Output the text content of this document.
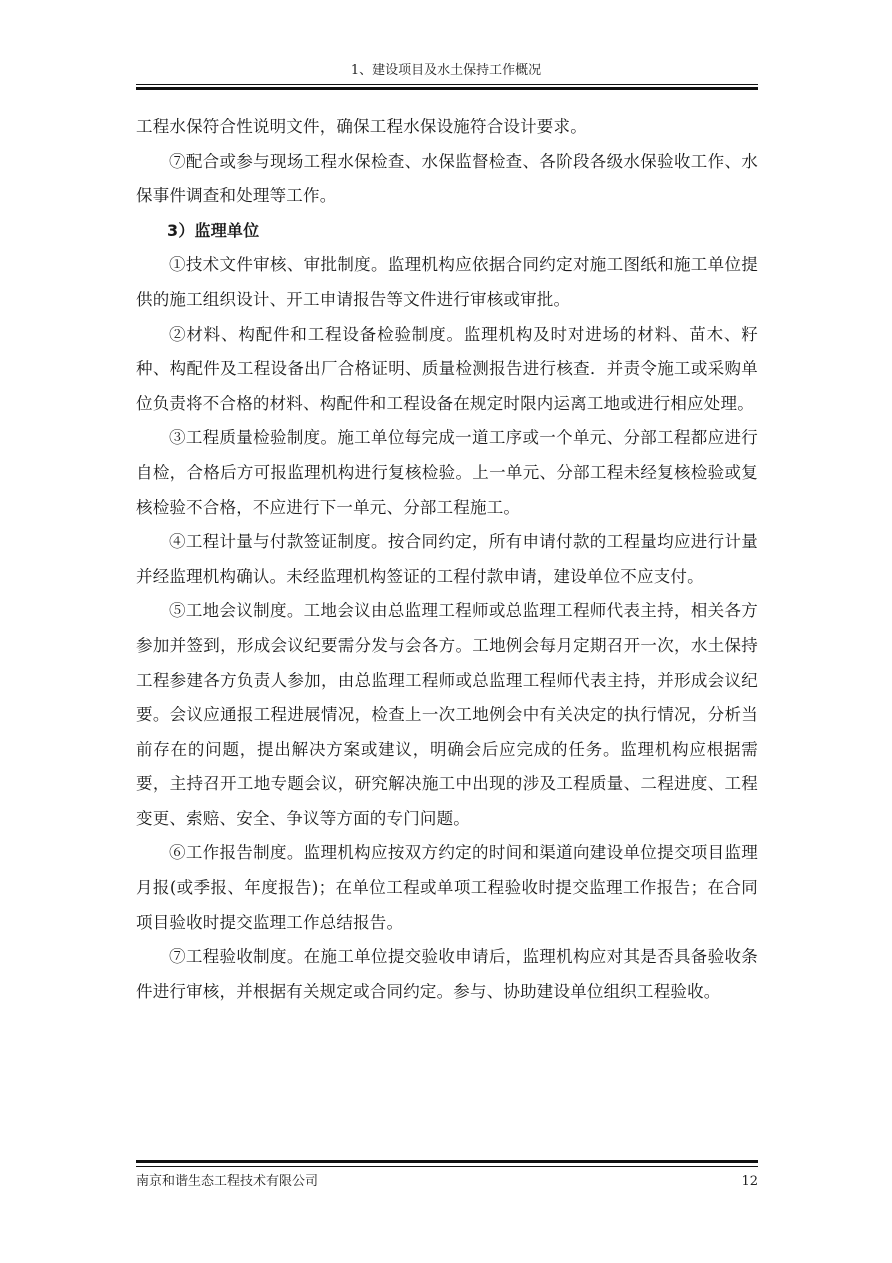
1、建设项目及水土保持工作概况

工程水保符合性说明文件，确保工程水保设施符合设计要求。

⑦配合或参与现场工程水保检查、水保监督检查、各阶段各级水保验收工作、水保事件调查和处理等工作。

3）监理单位

①技术文件审核、审批制度。监理机构应依据合同约定对施工图纸和施工单位提供的施工组织设计、开工申请报告等文件进行审核或审批。

②材料、构配件和工程设备检验制度。监理机构及时对进场的材料、苗木、籽种、构配件及工程设备出厂合格证明、质量检测报告进行核查．并责令施工或采购单位负责将不合格的材料、构配件和工程设备在规定时限内运离工地或进行相应处理。

③工程质量检验制度。施工单位每完成一道工序或一个单元、分部工程都应进行自检，合格后方可报监理机构进行复核检验。上一单元、分部工程未经复核检验或复核检验不合格，不应进行下一单元、分部工程施工。

④工程计量与付款签证制度。按合同约定，所有申请付款的工程量均应进行计量并经监理机构确认。未经监理机构签证的工程付款申请，建设单位不应支付。

⑤工地会议制度。工地会议由总监理工程师或总监理工程师代表主持，相关各方参加并签到，形成会议纪要需分发与会各方。工地例会每月定期召开一次，水土保持工程参建各方负责人参加，由总监理工程师或总监理工程师代表主持，并形成会议纪要。会议应通报工程进展情况，检查上一次工地例会中有关决定的执行情况，分析当前存在的问题，提出解决方案或建议，明确会后应完成的任务。监理机构应根据需要，主持召开工地专题会议，研究解决施工中出现的涉及工程质量、二程进度、工程变更、索赔、安全、争议等方面的专门问题。

⑥工作报告制度。监理机构应按双方约定的时间和渠道向建设单位提交项目监理月报(或季报、年度报告)；在单位工程或单项工程验收时提交监理工作报告；在合同项目验收时提交监理工作总结报告。

⑦工程验收制度。在施工单位提交验收申请后，监理机构应对其是否具备验收条件进行审核，并根据有关规定或合同约定。参与、协助建设单位组织工程验收。

南京和谐生态工程技术有限公司	12
